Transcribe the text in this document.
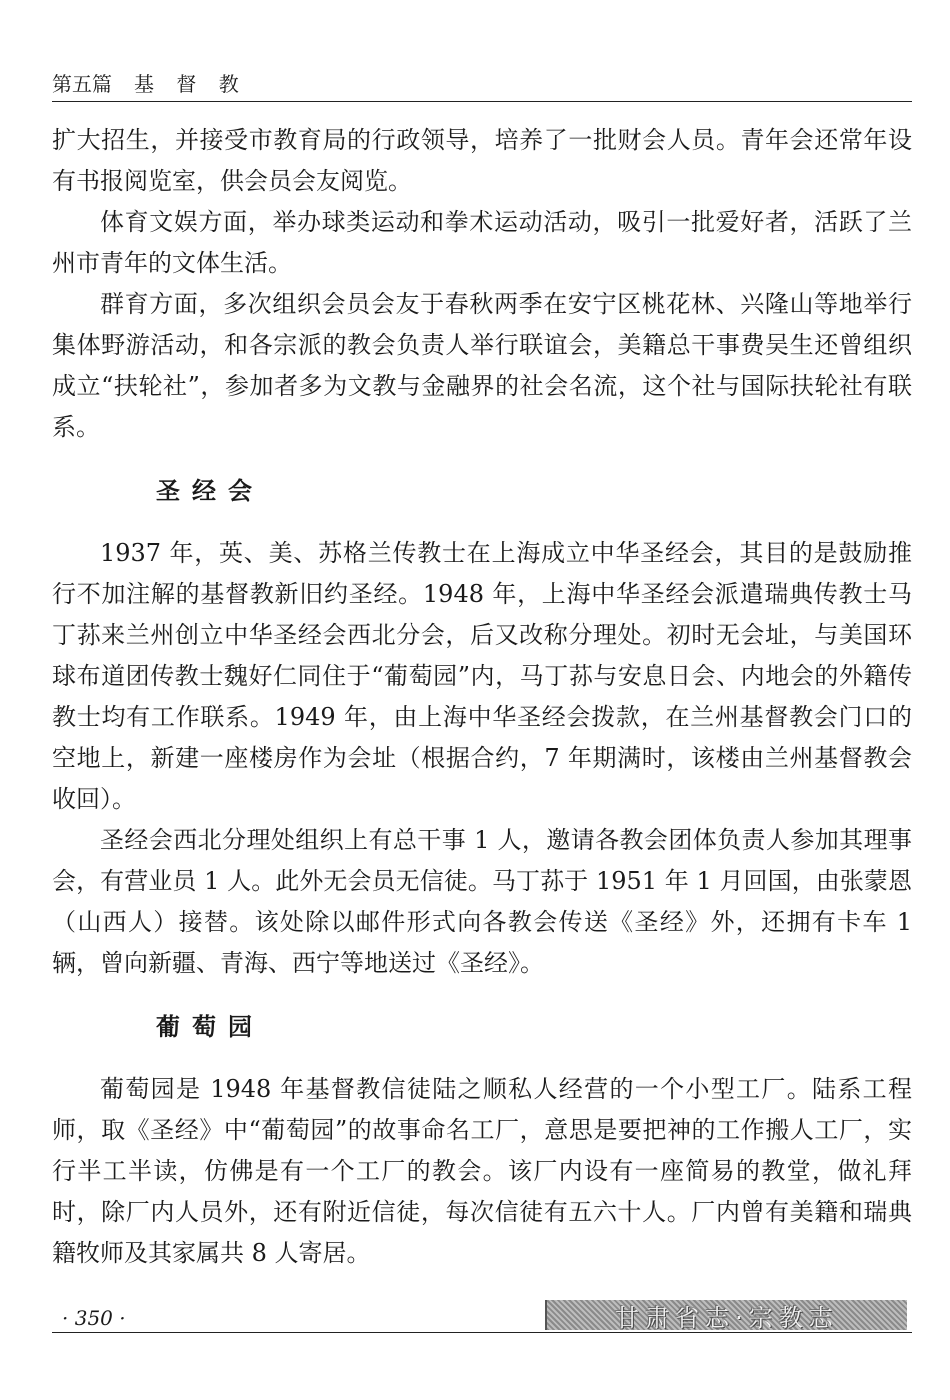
第五篇 基 督 教

扩大招生，并接受市教育局的行政领导，培养了一批财会人员。青年会还常年设有书报阅览室，供会员会友阅览。

体育文娱方面，举办球类运动和拳术运动活动，吸引一批爱好者，活跃了兰州市青年的文体生活。

群育方面，多次组织会员会友于春秋两季在安宁区桃花林、兴隆山等地举行集体野游活动，和各宗派的教会负责人举行联谊会，美籍总干事费吴生还曾组织成立“扶轮社”，参加者多为文教与金融界的社会名流，这个社与国际扶轮社有联系。

圣经会

1937 年，英、美、苏格兰传教士在上海成立中华圣经会，其目的是鼓励推行不加注解的基督教新旧约圣经。1948 年，上海中华圣经会派遣瑞典传教士马丁荪来兰州创立中华圣经会西北分会，后又改称分理处。初时无会址，与美国环球布道团传教士魏好仁同住于“葡萄园”内，马丁荪与安息日会、内地会的外籍传教士均有工作联系。1949 年，由上海中华圣经会拨款，在兰州基督教会门口的空地上，新建一座楼房作为会址（根据合约，7 年期满时，该楼由兰州基督教会收回）。

圣经会西北分理处组织上有总干事 1 人，邀请各教会团体负责人参加其理事会，有营业员 1 人。此外无会员无信徒。马丁荪于 1951 年 1 月回国，由张蒙恩（山西人）接替。该处除以邮件形式向各教会传送《圣经》外，还拥有卡车 1 辆，曾向新疆、青海、西宁等地送过《圣经》。

葡萄园

葡萄园是 1948 年基督教信徒陆之顺私人经营的一个小型工厂。陆系工程师，取《圣经》中“葡萄园”的故事命名工厂，意思是要把神的工作搬人工厂，实行半工半读，仿佛是有一个工厂的教会。该厂内设有一座简易的教堂，做礼拜时，除厂内人员外，还有附近信徒，每次信徒有五六十人。厂内曾有美籍和瑞典籍牧师及其家属共 8 人寄居。

甘肃省志·宗教志
· 350 ·
